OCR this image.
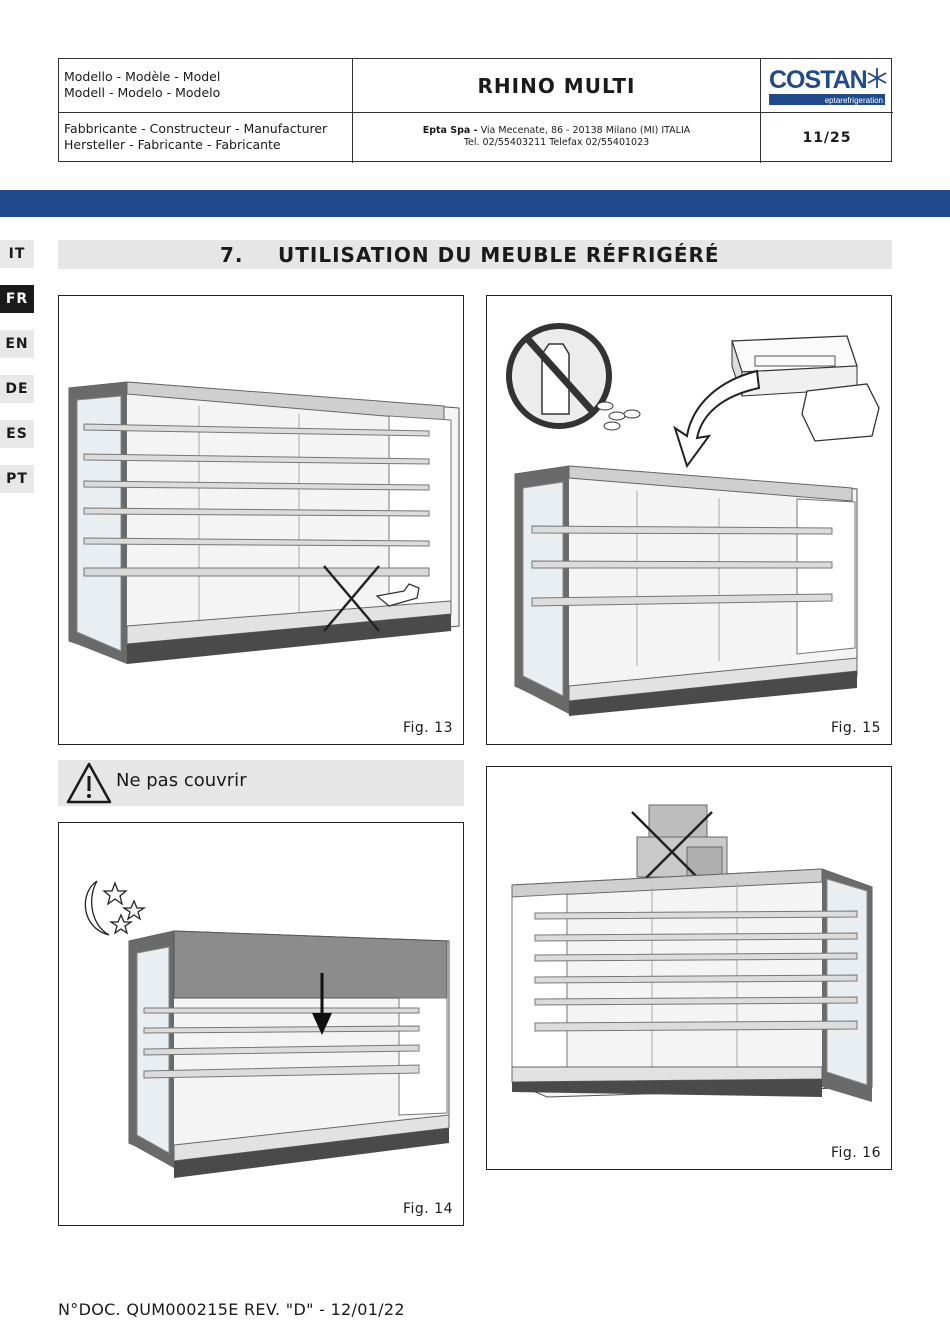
Modello - Modèle - Model
Modell - Modelo - Modelo	RHINO MULTI	COSTAN
eptarefrigeration
Fabbricante - Constructeur - Manufacturer
Hersteller - Fabricante - Fabricante
Epta Spa - Via Mecenate, 86 - 20138 Milano (MI) ITALIA
Tel. 02/55403211 Telefax 02/55401023	11/25
IT
FR
EN
DE
ES
PT
7. UTILISATION DU MEUBLE RÉFRIGÉRÉ
Fig. 13	Fig. 15
Ne pas couvrir
Fig. 14
Fig. 16
N°DOC. QUM000215E REV. "D" - 12/01/22
